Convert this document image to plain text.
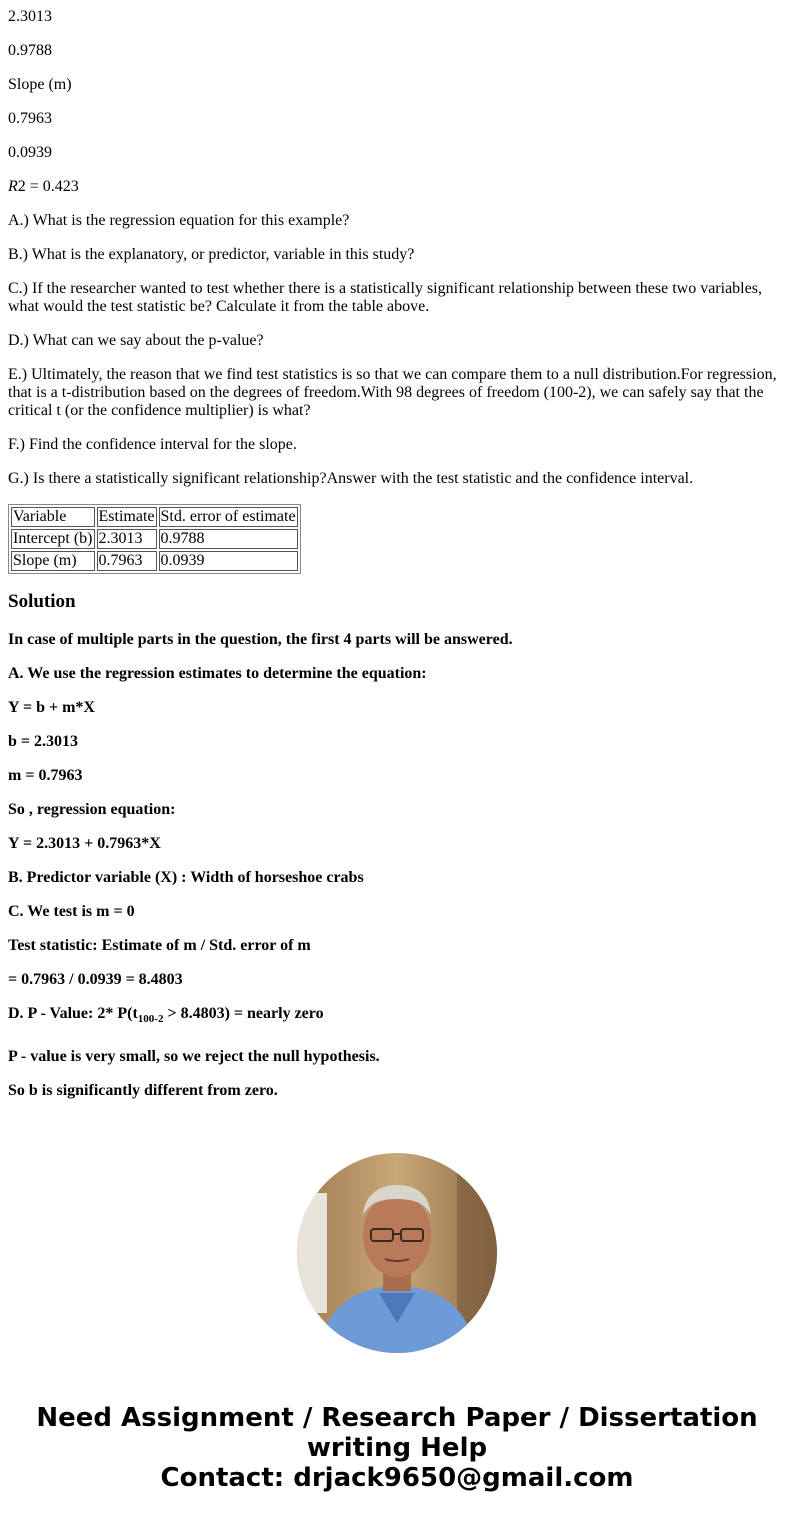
2.3013

0.9788

Slope (m)

0.7963

0.0939

R2 = 0.423

A.) What is the regression equation for this example?

B.) What is the explanatory, or predictor, variable in this study?

C.) If the researcher wanted to test whether there is a statistically significant relationship between these two variables, what would the test statistic be? Calculate it from the table above.

D.) What can we say about the p-value?

E.) Ultimately, the reason that we find test statistics is so that we can compare them to a null distribution.For regression, that is a t-distribution based on the degrees of freedom.With 98 degrees of freedom (100-2), we can safely say that the critical t (or the confidence multiplier) is what?

F.) Find the confidence interval for the slope.

G.) Is there a statistically significant relationship?Answer with the test statistic and the confidence interval.

Variable	Estimate	Std. error of estimate
Intercept (b)	2.3013	0.9788
Slope (m)	0.7963	0.0939
Solution

In case of multiple parts in the question, the first 4 parts will be answered.

A. We use the regression estimates to determine the equation:

Y = b + m*X

b = 2.3013

m = 0.7963

So , regression equation:

Y = 2.3013 + 0.7963*X

B. Predictor variable (X) : Width of horseshoe crabs

C. We test is m = 0

Test statistic: Estimate of m / Std. error of m

= 0.7963 / 0.0939 = 8.4803

D. P - Value: 2* $P(t_{100-2} > 8.4803)$ = nearly zero

P - value is very small, so we reject the null hypothesis.

So b is significantly different from zero.

Need Assignment / Research Paper / Dissertation
writing Help
Contact: drjack9650@gmail.com
